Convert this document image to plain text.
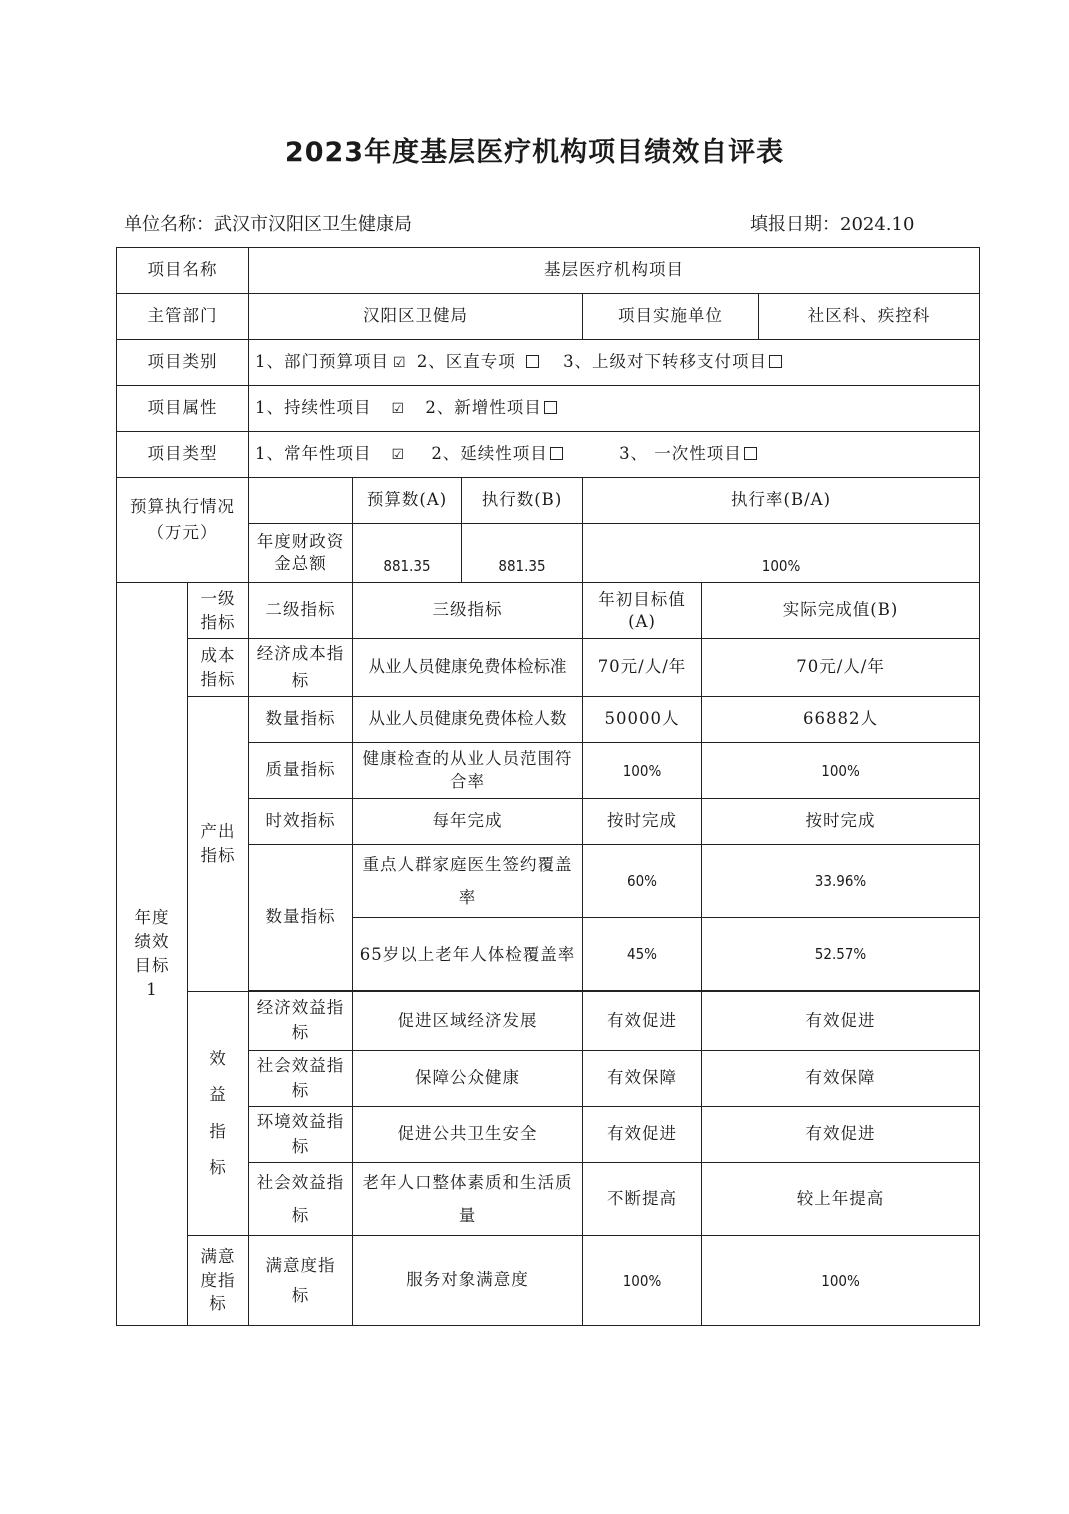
2023年度基层医疗机构项目绩效自评表
单位名称：武汉市汉阳区卫生健康局	填报日期：2024.10
项目名称		基层医疗机构项目					
主管部门		汉阳区卫健局			项目实施单位		社区科、疾控科
项目类别		1、部门预算项目 ☑ 2、区直专项 3、上级对下转移支付项目					
项目属性		1、持续性项目 ☑ 2、新增性项目					
项目类型		1、常年性项目 ☑ 2、延续性项目 3、 一次性项目					
预算执行情况（万元）			预算数(A)	执行数(B)	执行率(B/A)		
		年度财政资金总额	881.35	881.35	100%		
年度绩效目标1	一级指标	二级指标	三级指标		年初目标值(A)	实际完成值(B)	
	成本指标	经济成本指标	从业人员健康免费体检标准		70元/人/年	70元/人/年	
	产出指标	数量指标	从业人员健康免费体检人数		50000人	66882人	
		质量指标	健康检查的从业人员范围符合率		100%	100%	
		时效指标	每年完成		按时完成	按时完成	
		数量指标	重点人群家庭医生签约覆盖率		60%	33.96%	
			65岁以上老年人体检覆盖率		45%	52.57%	

	效益指标	经济效益指标	促进区域经济发展		有效促进	有效促进	
		社会效益指标	保障公众健康		有效保障	有效保障	
		环境效益指标	促进公共卫生安全		有效促进	有效促进	
		社会效益指标	老年人口整体素质和生活质量		不断提高	较上年提高	
	满意度指标	满意度指标	服务对象满意度		100%	100%	
